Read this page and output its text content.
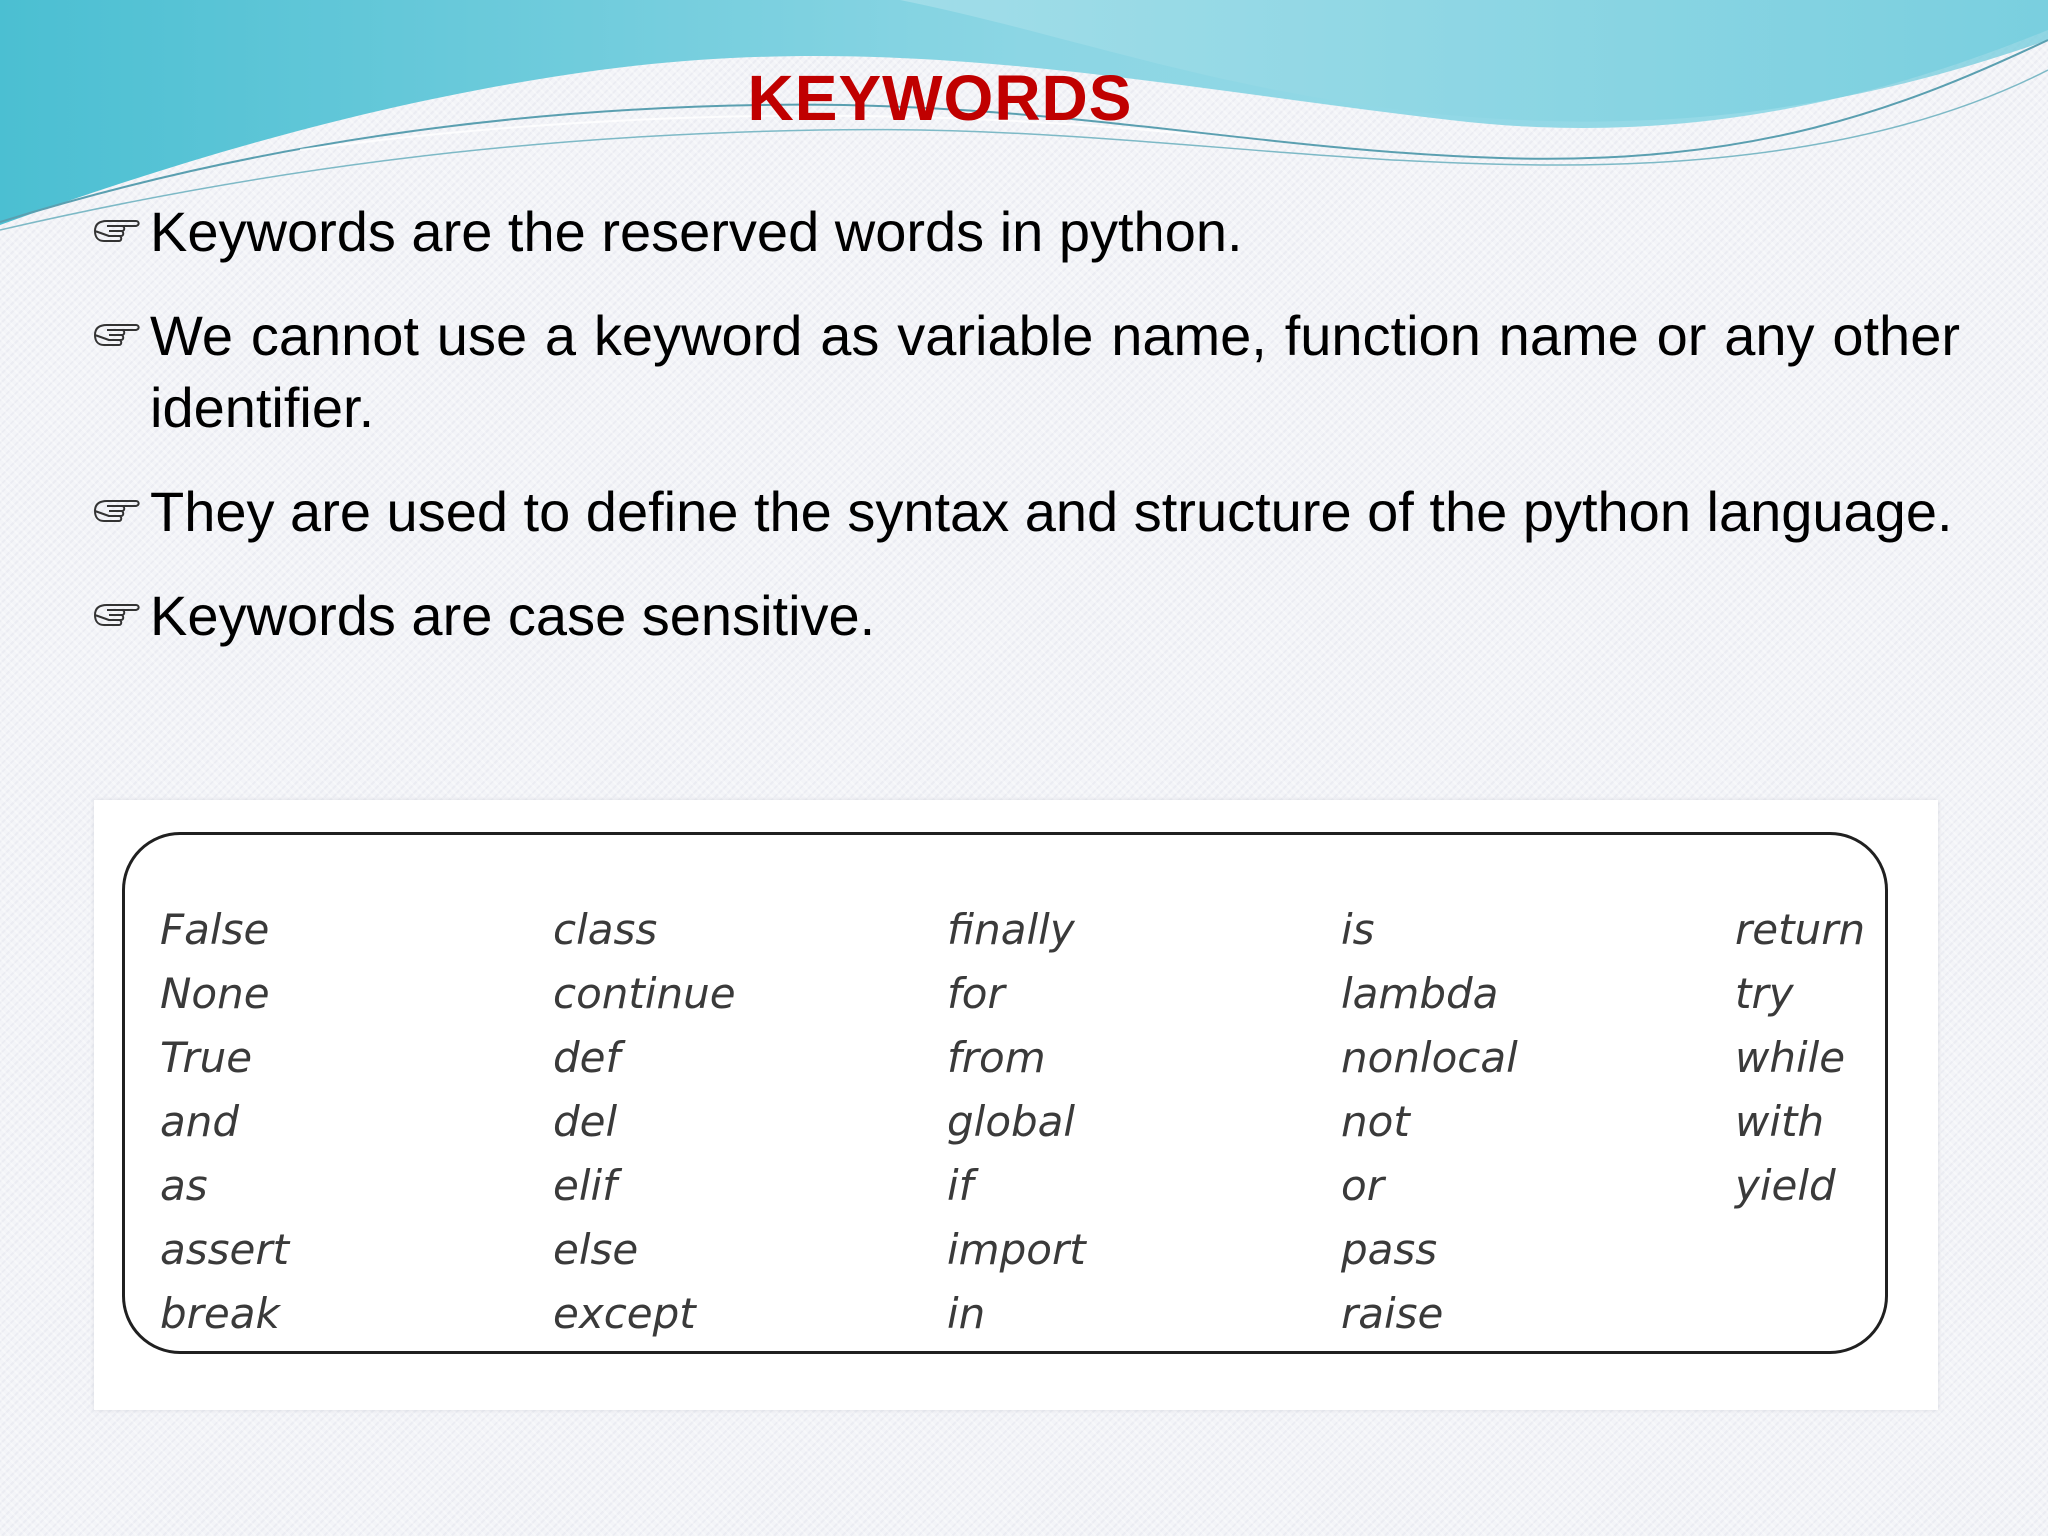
KEYWORDS
Keywords are the reserved words in python.
We cannot use a keyword as variable name, function name or any other identifier.
They are used to define the syntax and structure of the python language.
Keywords are case sensitive.
False
None
True
and
as
assert
break
class
continue
def
del
elif
else
except
finally
for
from
global
if
import
in
is
lambda
nonlocal
not
or
pass
raise
return
try
while
with
yield
